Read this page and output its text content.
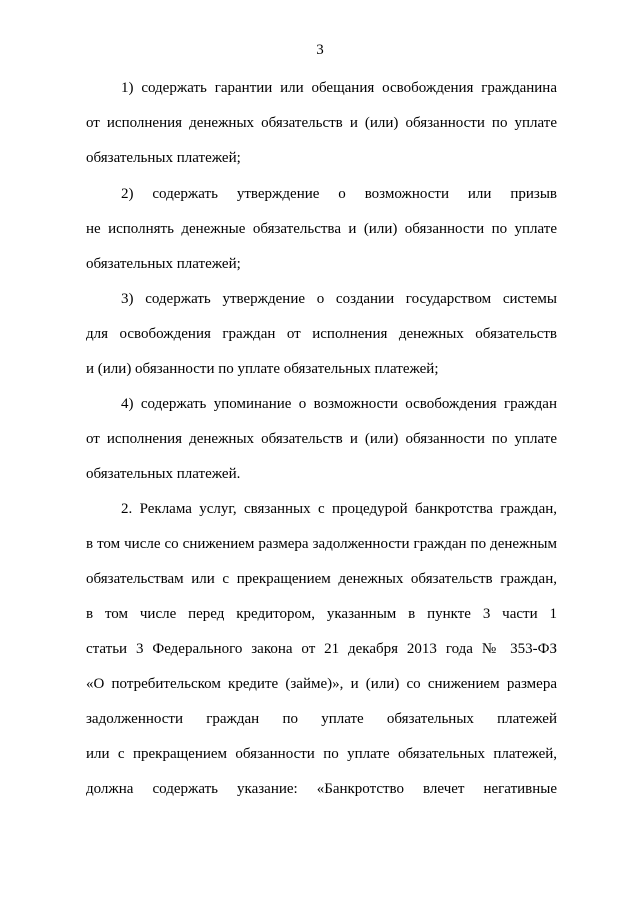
3
1) содержать гарантии или обещания освобождения гражданина
от исполнения денежных обязательств и (или) обязанности по уплате
обязательных платежей;
2) содержать утверждение о возможности или призыв
не исполнять денежные обязательства и (или) обязанности по уплате
обязательных платежей;
3) содержать утверждение о создании государством системы
для освобождения граждан от исполнения денежных обязательств
и (или) обязанности по уплате обязательных платежей;
4) содержать упоминание о возможности освобождения граждан
от исполнения денежных обязательств и (или) обязанности по уплате
обязательных платежей.
2. Реклама услуг, связанных с процедурой банкротства граждан,
в том числе со снижением размера задолженности граждан по денежным
обязательствам или с прекращением денежных обязательств граждан,
в том числе перед кредитором, указанным в пункте 3 части 1
статьи 3 Федерального закона от 21 декабря 2013 года № 353-ФЗ
«О потребительском кредите (займе)», и (или) со снижением размера
задолженности граждан по уплате обязательных платежей
или с прекращением обязанности по уплате обязательных платежей,
должна содержать указание: «Банкротство влечет негативные
